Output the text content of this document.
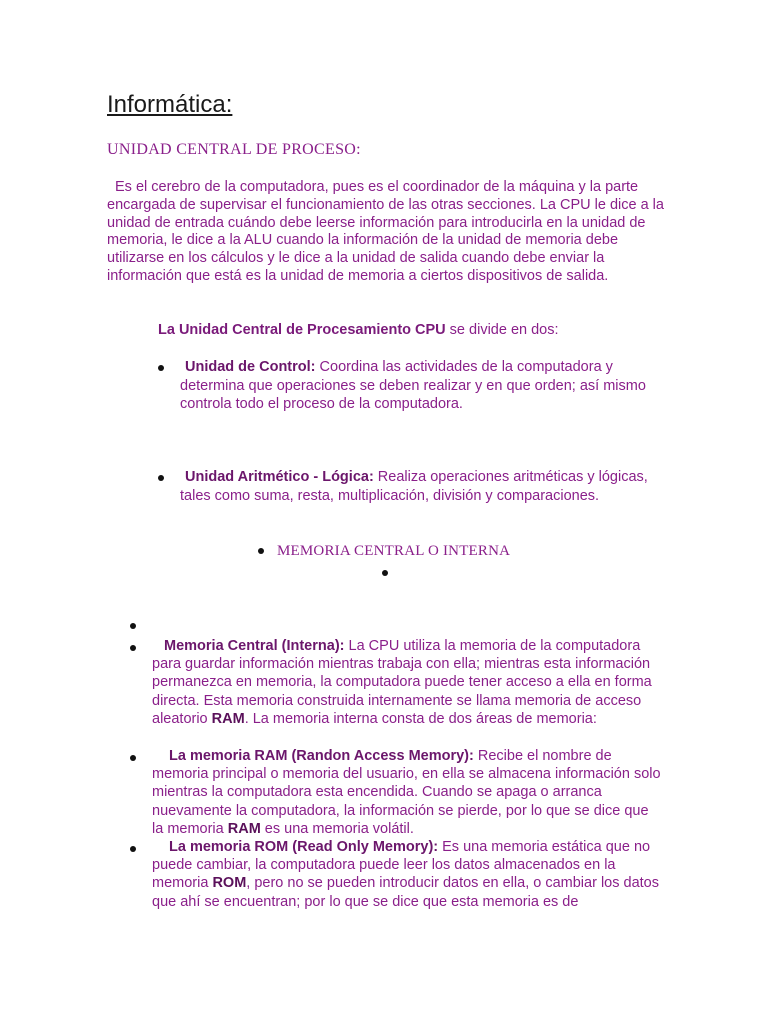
Informática:
UNIDAD CENTRAL DE PROCESO:

Es el cerebro de la computadora, pues es el coordinador de la máquina y la parte encargada de supervisar el funcionamiento de las otras secciones. La CPU le dice a la unidad de entrada cuándo debe leerse información para introducirla en la unidad de memoria, le dice a la ALU cuando la información de la unidad de memoria debe utilizarse en los cálculos y le dice a la unidad de salida cuando debe enviar la información que está es la unidad de memoria a ciertos dispositivos de salida.

La Unidad Central de Procesamiento CPU se divide en dos:
Unidad de Control: Coordina las actividades de la computadora y determina que operaciones se deben realizar y en que orden; así mismo controla todo el proceso de la computadora.
Unidad Aritmético - Lógica: Realiza operaciones aritméticas y lógicas, tales como suma, resta, multiplicación, división y comparaciones.
MEMORIA CENTRAL O INTERNA
Memoria Central (Interna): La CPU utiliza la memoria de la computadora para guardar información mientras trabaja con ella; mientras esta información permanezca en memoria, la computadora puede tener acceso a ella en forma directa. Esta memoria construida internamente se llama memoria de acceso aleatorio RAM. La memoria interna consta de dos áreas de memoria:
La memoria RAM (Randon Access Memory): Recibe el nombre de memoria principal o memoria del usuario, en ella se almacena información solo mientras la computadora esta encendida. Cuando se apaga o arranca nuevamente la computadora, la información se pierde, por lo que se dice que la memoria RAM es una memoria volátil.
La memoria ROM (Read Only Memory): Es una memoria estática que no puede cambiar, la computadora puede leer los datos almacenados en la memoria ROM, pero no se pueden introducir datos en ella, o cambiar los datos que ahí se encuentran; por lo que se dice que esta memoria es de
